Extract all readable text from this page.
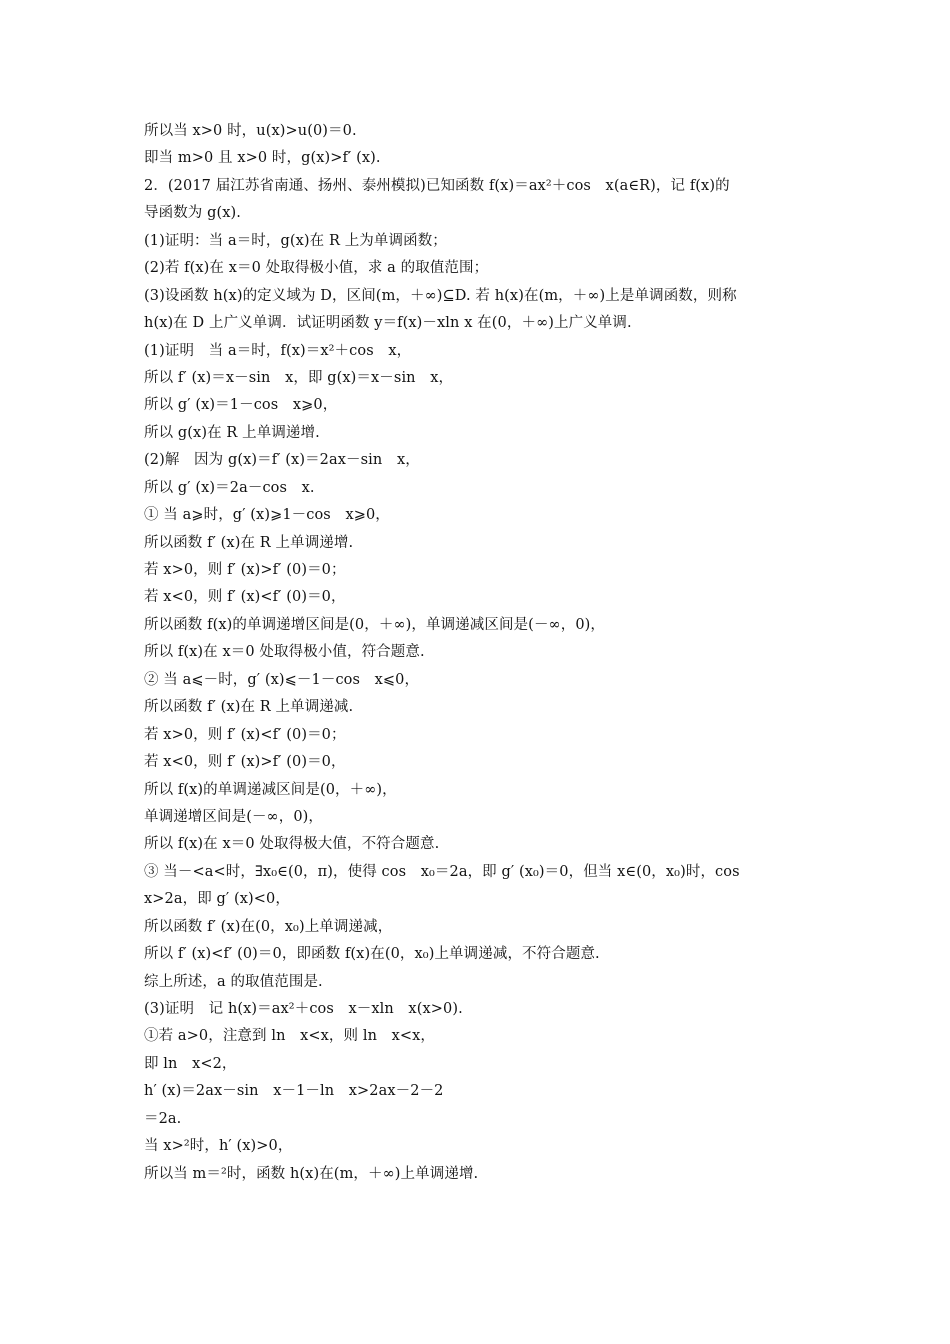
所以当 x>0 时，u(x)>u(0)＝0.
即当 m>0 且 x>0 时，g(x)>f′ (x).
2．(2017 届江苏省南通、扬州、泰州模拟)已知函数 f(x)＝ax²＋cos　x(a∈R)，记 f(x)的
导函数为 g(x).
(1)证明：当 a＝时，g(x)在 R 上为单调函数；
(2)若 f(x)在 x＝0 处取得极小值，求 a 的取值范围；
(3)设函数 h(x)的定义域为 D，区间(m，＋∞)⊆D. 若 h(x)在(m，＋∞)上是单调函数，则称
h(x)在 D 上广义单调．试证明函数 y＝f(x)－xln x 在(0，＋∞)上广义单调.
(1)证明　当 a＝时，f(x)＝x²＋cos　x，
所以 f′ (x)＝x－sin　x，即 g(x)＝x－sin　x，
所以 g′ (x)＝1－cos　x⩾0，
所以 g(x)在 R 上单调递增.
(2)解　因为 g(x)＝f′ (x)＝2ax－sin　x，
所以 g′ (x)＝2a－cos　x.
① 当 a⩾时，g′ (x)⩾1－cos　x⩾0，
所以函数 f′ (x)在 R 上单调递增.
若 x>0，则 f′ (x)>f′ (0)＝0；
若 x<0，则 f′ (x)<f′ (0)＝0，
所以函数 f(x)的单调递增区间是(0，＋∞)，单调递减区间是(－∞，0)，
所以 f(x)在 x＝0 处取得极小值，符合题意.
② 当 a⩽－时，g′ (x)⩽－1－cos　x⩽0，
所以函数 f′ (x)在 R 上单调递减.
若 x>0，则 f′ (x)<f′ (0)＝0；
若 x<0，则 f′ (x)>f′ (0)＝0，
所以 f(x)的单调递减区间是(0，＋∞)，
单调递增区间是(－∞，0)，
所以 f(x)在 x＝0 处取得极大值，不符合题意.
③ 当－<a<时，∃x₀∈(0，π)，使得 cos　x₀＝2a，即 g′ (x₀)＝0，但当 x∈(0，x₀)时，cos
x>2a，即 g′ (x)<0，
所以函数 f′ (x)在(0，x₀)上单调递减，
所以 f′ (x)<f′ (0)＝0，即函数 f(x)在(0，x₀)上单调递减，不符合题意.
综上所述，a 的取值范围是.
(3)证明　记 h(x)＝ax²＋cos　x－xln　x(x>0).
①若 a>0，注意到 ln　x<x，则 ln　x<x，
即 ln　x<2，
h′ (x)＝2ax－sin　x－1－ln　x>2ax－2－2
＝2a.
当 x>²时，h′ (x)>0，
所以当 m＝²时，函数 h(x)在(m，＋∞)上单调递增.
